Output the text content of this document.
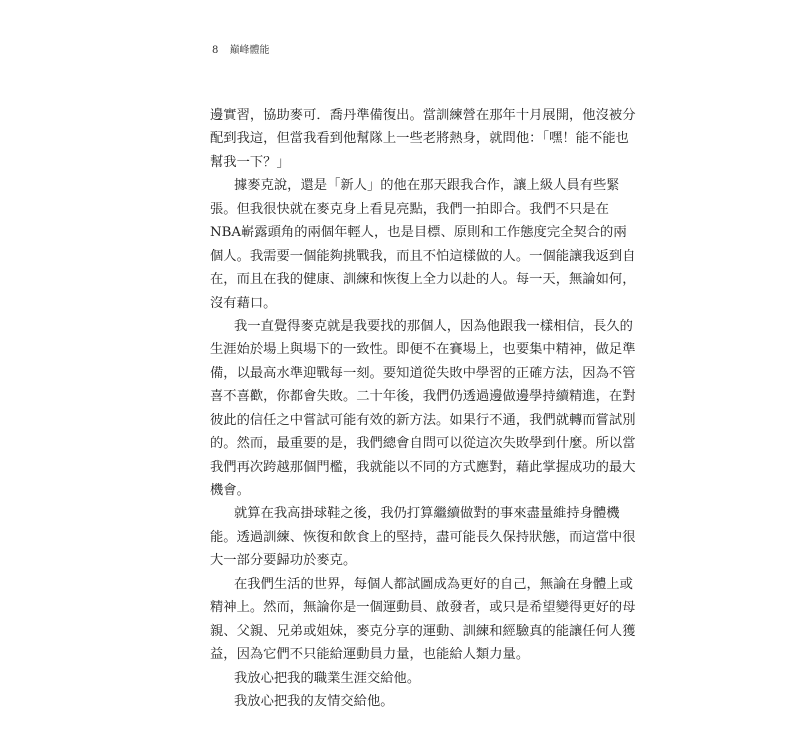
8 巔峰體能
邊實習，協助麥可．喬丹準備復出。當訓練營在那年十月展開，他沒被分
配到我這，但當我看到他幫隊上一些老將熱身，就問他：「嘿！能不能也
幫我一下？」
據麥克說，還是「新人」的他在那天跟我合作，讓上級人員有些緊
張。但我很快就在麥克身上看見亮點，我們一拍即合。我們不只是在
NBA嶄露頭角的兩個年輕人，也是目標、原則和工作態度完全契合的兩
個人。我需要一個能夠挑戰我，而且不怕這樣做的人。一個能讓我返到自
在，而且在我的健康、訓練和恢復上全力以赴的人。每一天，無論如何，
沒有藉口。
我一直覺得麥克就是我要找的那個人，因為他跟我一樣相信，長久的
生涯始於場上與場下的一致性。即便不在賽場上，也要集中精神，做足準
備，以最高水準迎戰每一刻。要知道從失敗中學習的正確方法，因為不管
喜不喜歡，你都會失敗。二十年後，我們仍透過邊做邊學持續精進，在對
彼此的信任之中嘗試可能有效的新方法。如果行不通，我們就轉而嘗試別
的。然而，最重要的是，我們總會自問可以從這次失敗學到什麼。所以當
我們再次跨越那個門檻，我就能以不同的方式應對，藉此掌握成功的最大
機會。
就算在我高掛球鞋之後，我仍打算繼續做對的事來盡量維持身體機
能。透過訓練、恢復和飲食上的堅持，盡可能長久保持狀態，而這當中很
大一部分要歸功於麥克。
在我們生活的世界，每個人都試圖成為更好的自己，無論在身體上或
精神上。然而，無論你是一個運動員、啟發者，或只是希望變得更好的母
親、父親、兄弟或姐妹，麥克分享的運動、訓練和經驗真的能讓任何人獲
益，因為它們不只能給運動員力量，也能給人類力量。
我放心把我的職業生涯交給他。
我放心把我的友情交給他。
